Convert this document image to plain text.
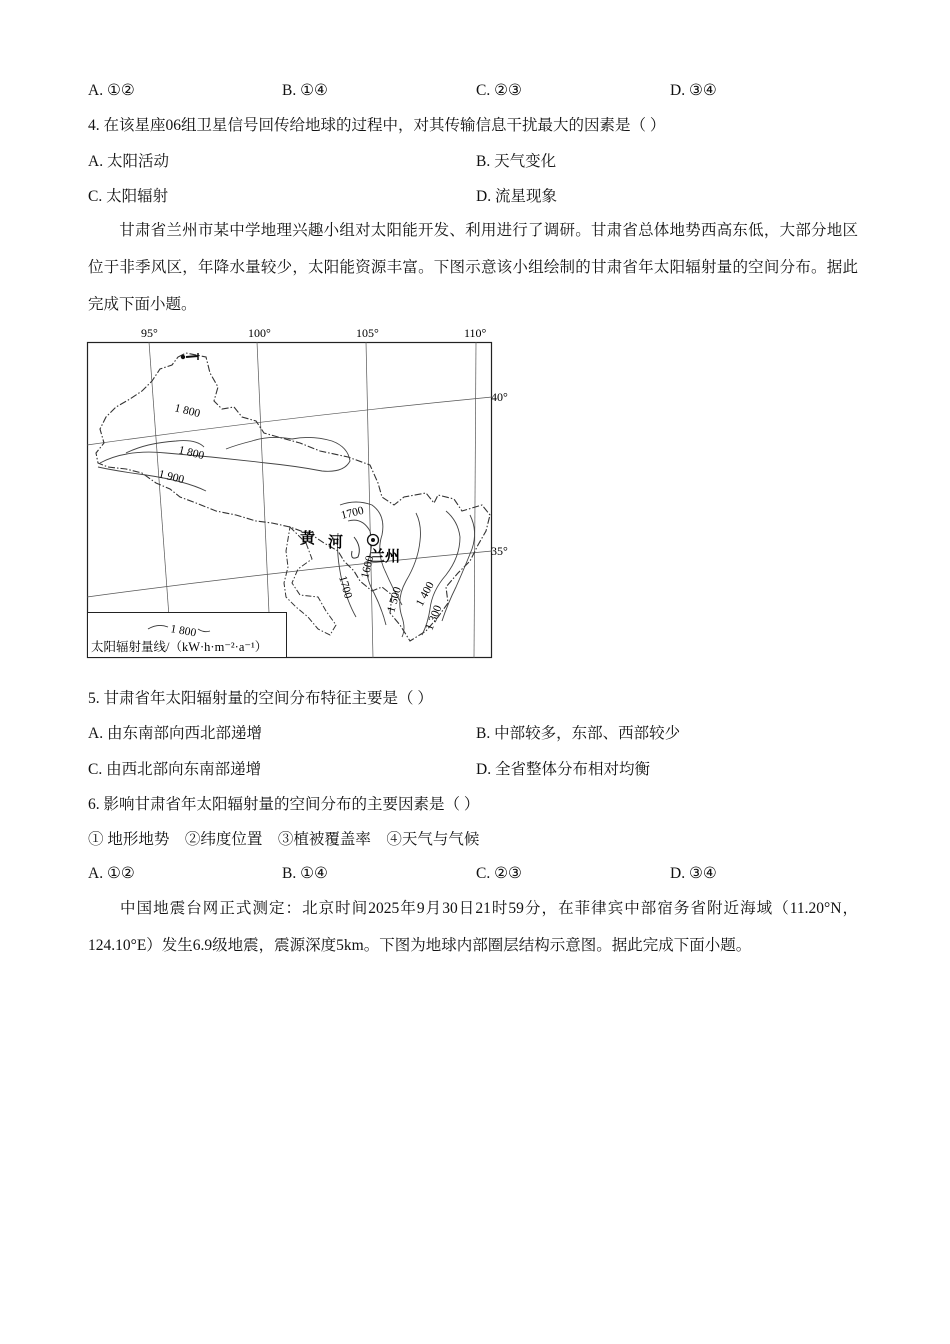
A. ①②	B. ①④	C. ②③	D. ③④
4. 在该星座06组卫星信号回传给地球的过程中，对其传输信息干扰最大的因素是（ ）
A. 太阳活动	B. 天气变化
C. 太阳辐射	D. 流星现象
甘肃省兰州市某中学地理兴趣小组对太阳能开发、利用进行了调研。甘肃省总体地势西高东低，大部分地区位于非季风区，年降水量较少，太阳能资源丰富。下图示意该小组绘制的甘肃省年太阳辐射量的空间分布。据此完成下面小题。
95°	100°	105°	110°
40°
35°
1 800
1 800
1 900
1700
1600
1700	1 500 1 400
1 300
黄 河
兰州
1 800
太阳辐射量线/（kW·h·m⁻²·a⁻¹）
5. 甘肃省年太阳辐射量的空间分布特征主要是（ ）
A. 由东南部向西北部递增	B. 中部较多，东部、西部较少
C. 由西北部向东南部递增	D. 全省整体分布相对均衡
6. 影响甘肃省年太阳辐射量的空间分布的主要因素是（ ）
① 地形地势    ②纬度位置    ③植被覆盖率    ④天气与气候
A. ①②	B. ①④	C. ②③	D. ③④
中国地震台网正式测定：北京时间2025年9月30日21时59分，在菲律宾中部宿务省附近海域（11.20°N，124.10°E）发生6.9级地震，震源深度5km。下图为地球内部圈层结构示意图。据此完成下面小题。
